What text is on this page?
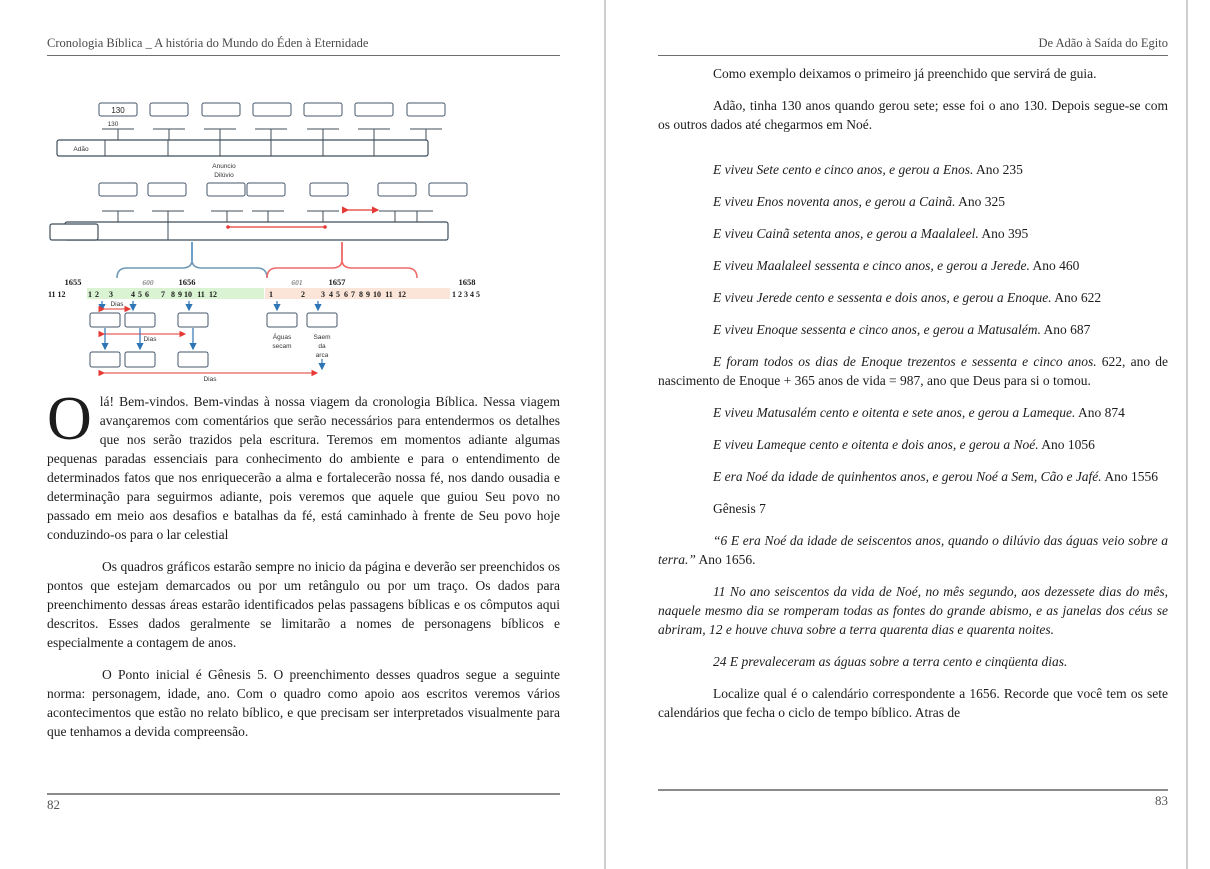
Cronologia Bíblica _ A história do Mundo do Éden à Eternidade
130
130
Adão
Anuncio
Dilúvio
1655	600	1656	601	1657	1658
11 12	1 2 3 4 5 6 7 8 9 10 11 12	1	2 3 4 5 6 7 8 9 10 11 12	1 2 3 4 5
Dias
Dias	Águas
secam
Saem
da
arca
Dias

Olá! Bem-vindos. Bem-vindas à nossa viagem da cronologia Bíblica. Nessa viagem avançaremos com comentários que serão necessários para entendermos os detalhes que nos serão trazidos pela escritura. Teremos em momentos adiante algumas pequenas paradas essenciais para conhecimento do ambiente e para o entendimento de determinados fatos que nos enriquecerão a alma e fortalecerão nossa fé, nos dando ousadia e determinação para seguirmos adiante, pois veremos que aquele que guiou Seu povo no passado em meio aos desafios e batalhas da fé, está caminhado à frente de Seu povo hoje conduzindo-os para o lar celestial

Os quadros gráficos estarão sempre no inicio da página e deverão ser preenchidos os pontos que estejam demarcados ou por um retângulo ou por um traço. Os dados para preenchimento dessas áreas estarão identificados pelas passagens bíblicas e os cômputos aqui descritos. Esses dados geralmente se limitarão a nomes de personagens bíblicos e especialmente a contagem de anos.

O Ponto inicial é Gênesis 5. O preenchimento desses quadros segue a seguinte norma: personagem, idade, ano. Com o quadro como apoio aos escritos veremos vários acontecimentos que estão no relato bíblico, e que precisam ser interpretados visualmente para que tenhamos a devida compreensão.

82
De Adão à Saída do Egito

Como exemplo deixamos o primeiro já preenchido que servirá de guia.

Adão, tinha 130 anos quando gerou sete; esse foi o ano 130. Depois segue-se com os outros dados até chegarmos em Noé.

E viveu Sete cento e cinco anos, e gerou a Enos. Ano 235

E viveu Enos noventa anos, e gerou a Cainã. Ano 325

E viveu Cainã setenta anos, e gerou a Maalaleel. Ano 395

E viveu Maalaleel sessenta e cinco anos, e gerou a Jerede. Ano 460

E viveu Jerede cento e sessenta e dois anos, e gerou a Enoque. Ano 622

E viveu Enoque sessenta e cinco anos, e gerou a Matusalém. Ano 687

E foram todos os dias de Enoque trezentos e sessenta e cinco anos. 622, ano de nascimento de Enoque + 365 anos de vida = 987, ano que Deus para si o tomou.

E viveu Matusalém cento e oitenta e sete anos, e gerou a Lameque. Ano 874

E viveu Lameque cento e oitenta e dois anos, e gerou a Noé. Ano 1056

E era Noé da idade de quinhentos anos, e gerou Noé a Sem, Cão e Jafé. Ano 1556

Gênesis 7

“6 E era Noé da idade de seiscentos anos, quando o dilúvio das águas veio sobre a terra.” Ano 1656.

11 No ano seiscentos da vida de Noé, no mês segundo, aos dezessete dias do mês, naquele mesmo dia se romperam todas as fontes do grande abismo, e as janelas dos céus se abriram, 12 e houve chuva sobre a terra quarenta dias e quarenta noites.

24 E prevaleceram as águas sobre a terra cento e cinqüenta dias.

Localize qual é o calendário correspondente a 1656. Recorde que você tem os sete calendários que fecha o ciclo de tempo bíblico. Atras de

83
